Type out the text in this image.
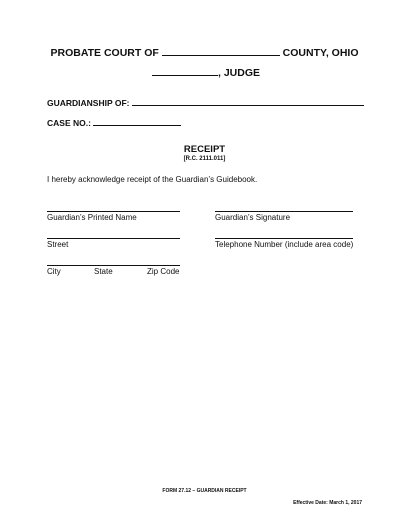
PROBATE COURT OF	COUNTY, OHIO
, JUDGE
GUARDIANSHIP OF:
CASE NO.:
RECEIPT
[R.C. 2111.011]
I hereby acknowledge receipt of the Guardian’s Guidebook.
Guardian’s Printed Name	Guardian’s Signature
Street	Telephone Number (include area code)
City	State	Zip Code
FORM 27.12 – GUARDIAN RECEIPT
Effective Date: March 1, 2017
